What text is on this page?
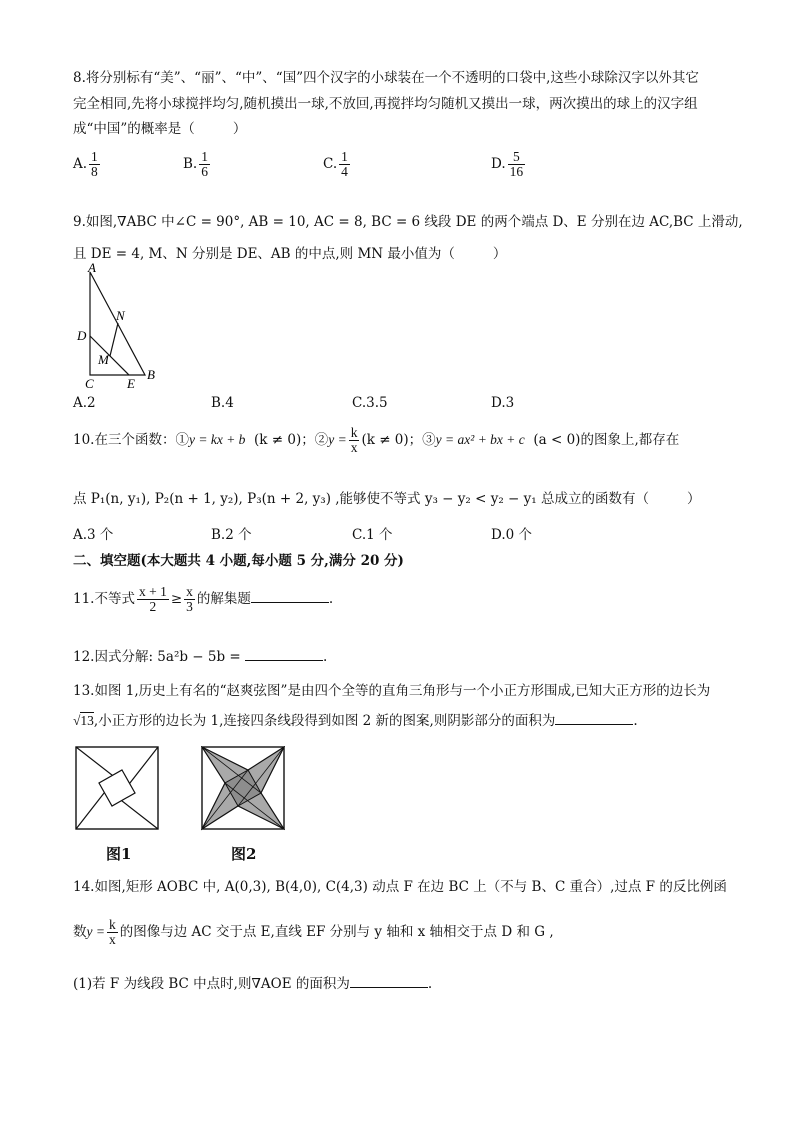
8.将分别标有“美”、“丽”、“中”、“国”四个汉字的小球装在一个不透明的口袋中,这些小球除汉字以外其它
完全相同,先将小球搅拌均匀,随机摸出一球,不放回,再搅拌均匀随机又摸出一球，两次摸出的球上的汉字组
成“中国”的概率是（	）
A. $\frac{1}{8}$	B. $\frac{1}{6}$	C. $\frac{1}{4}$	D. $\frac{5}{16}$
9.如图,∇ABC 中∠C = 90°, AB = 10, AC = 8, BC = 6 线段 DE 的两个端点 D、E 分别在边 AC,BC 上滑动,
且 DE = 4, M、N 分别是 DE、AB 的中点,则 MN 最小值为（	）
A
N
D
M
C	E
B
A.2	B.4	C.3.5	D.3
10.在三个函数：①y = kx + b (k ≠ 0)；②y = $\frac{k}{x} (k \ne 0)$；③y = ax² + bx + c (a < 0)的图象上,都存在
点 P₁(n, y₁), P₂(n + 1, y₂), P₃(n + 2, y₃) ,能够使不等式 y₃ − y₂ < y₂ − y₁ 总成立的函数有（	）
A.3 个	B.2 个	C.1 个	D.0 个
二、填空题(本大题共 4 小题,每小题 5 分,满分 20 分)
11.不等式 $\frac{x + 1}{2} \ge \frac{x}{3}$ 的解集题	.
12.因式分解: 5a²b − 5b =	.
13.如图 1,历史上有名的“赵爽弦图”是由四个全等的直角三角形与一个小正方形围成,已知大正方形的边长为
√13,小正方形的边长为 1,连接四条线段得到如图 2 新的图案,则阴影部分的面积为	.
图1	图2
14.如图,矩形 AOBC 中, A(0,3), B(4,0), C(4,3) 动点 F 在边 BC 上（不与 B、C 重合）,过点 F 的反比例函
数$y = \frac{k}{x}$ 的图像与边 AC 交于点 E,直线 EF 分别与 y 轴和 x 轴相交于点 D 和 G ,
(1)若 F 为线段 BC 中点时,则∇AOE 的面积为	.
